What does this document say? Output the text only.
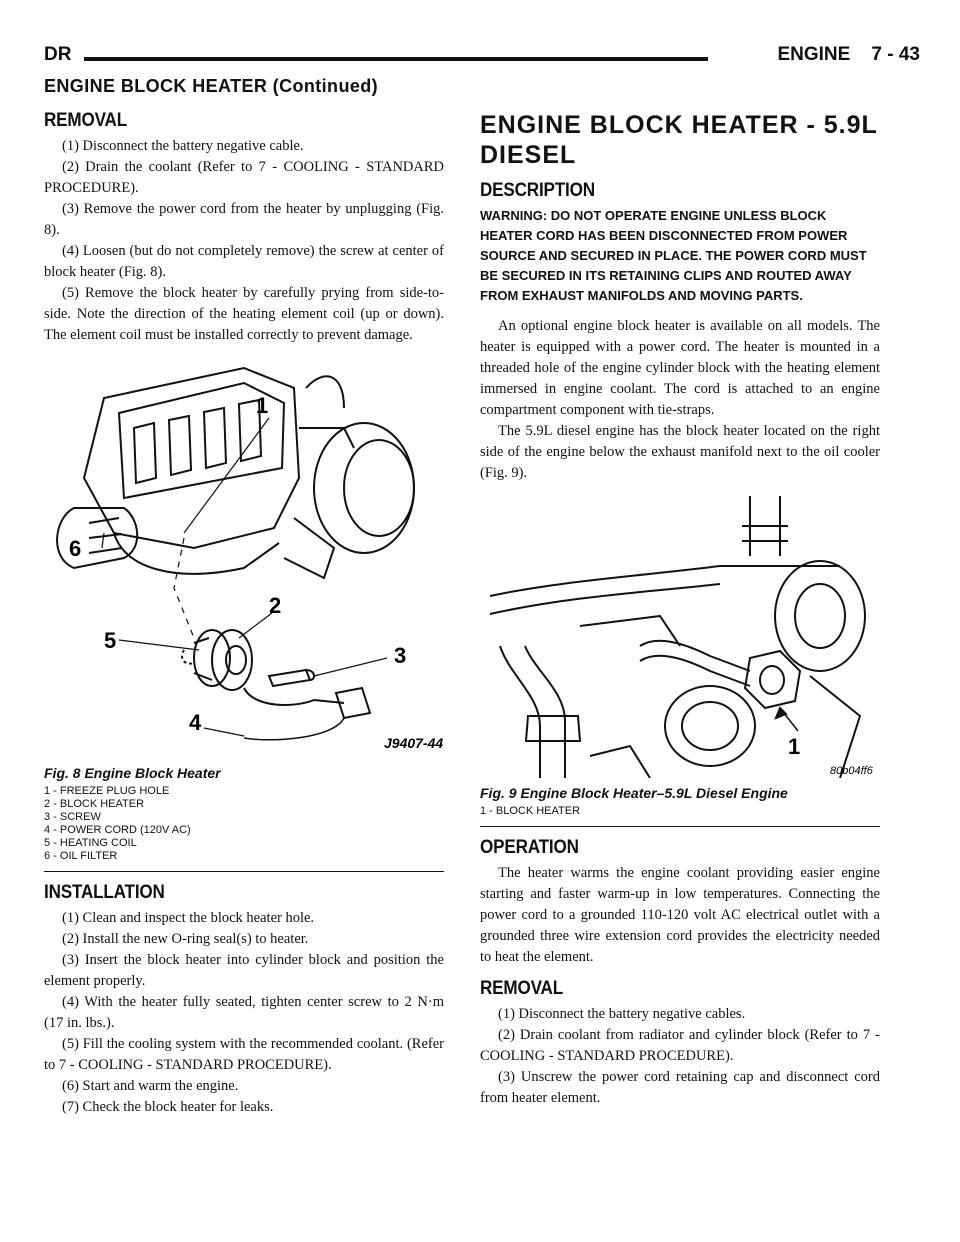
DR	ENGINE    7 - 43
ENGINE BLOCK HEATER (Continued)
REMOVAL

(1) Disconnect the battery negative cable.

(2) Drain the coolant (Refer to 7 - COOLING - STANDARD PROCEDURE).

(3) Remove the power cord from the heater by unplugging (Fig. 8).

(4) Loosen (but do not completely remove) the screw at center of block heater (Fig. 8).

(5) Remove the block heater by carefully prying from side-to-side. Note the direction of the heating element coil (up or down). The element coil must be installed correctly to prevent damage.

1
2
3
4
5
6
J9407-44
Fig. 8 Engine Block Heater
1 - FREEZE PLUG HOLE
2 - BLOCK HEATER
3 - SCREW
4 - POWER CORD (120V AC)
5 - HEATING COIL
6 - OIL FILTER
INSTALLATION

(1) Clean and inspect the block heater hole.

(2) Install the new O-ring seal(s) to heater.

(3) Insert the block heater into cylinder block and position the element properly.

(4) With the heater fully seated, tighten center screw to 2 N·m (17 in. lbs.).

(5) Fill the cooling system with the recommended coolant. (Refer to 7 - COOLING - STANDARD PROCEDURE).

(6) Start and warm the engine.

(7) Check the block heater for leaks.

ENGINE BLOCK HEATER - 5.9L DIESEL
DESCRIPTION

WARNING: DO NOT OPERATE ENGINE UNLESS BLOCK HEATER CORD HAS BEEN DISCONNECTED FROM POWER SOURCE AND SECURED IN PLACE. THE POWER CORD MUST BE SECURED IN ITS RETAINING CLIPS AND ROUTED AWAY FROM EXHAUST MANIFOLDS AND MOVING PARTS.

An optional engine block heater is available on all models. The heater is equipped with a power cord. The heater is mounted in a threaded hole of the engine cylinder block with the heating element immersed in engine coolant. The cord is attached to an engine compartment component with tie-straps.

The 5.9L diesel engine has the block heater located on the right side of the engine below the exhaust manifold next to the oil cooler (Fig. 9).

1
80b04ff6
Fig. 9 Engine Block Heater–5.9L Diesel Engine
1 - BLOCK HEATER
OPERATION

The heater warms the engine coolant providing easier engine starting and faster warm-up in low temperatures. Connecting the power cord to a grounded 110-120 volt AC electrical outlet with a grounded three wire extension cord provides the electricity needed to heat the element.

REMOVAL

(1) Disconnect the battery negative cables.

(2) Drain coolant from radiator and cylinder block (Refer to 7 - COOLING - STANDARD PROCEDURE).

(3) Unscrew the power cord retaining cap and disconnect cord from heater element.
